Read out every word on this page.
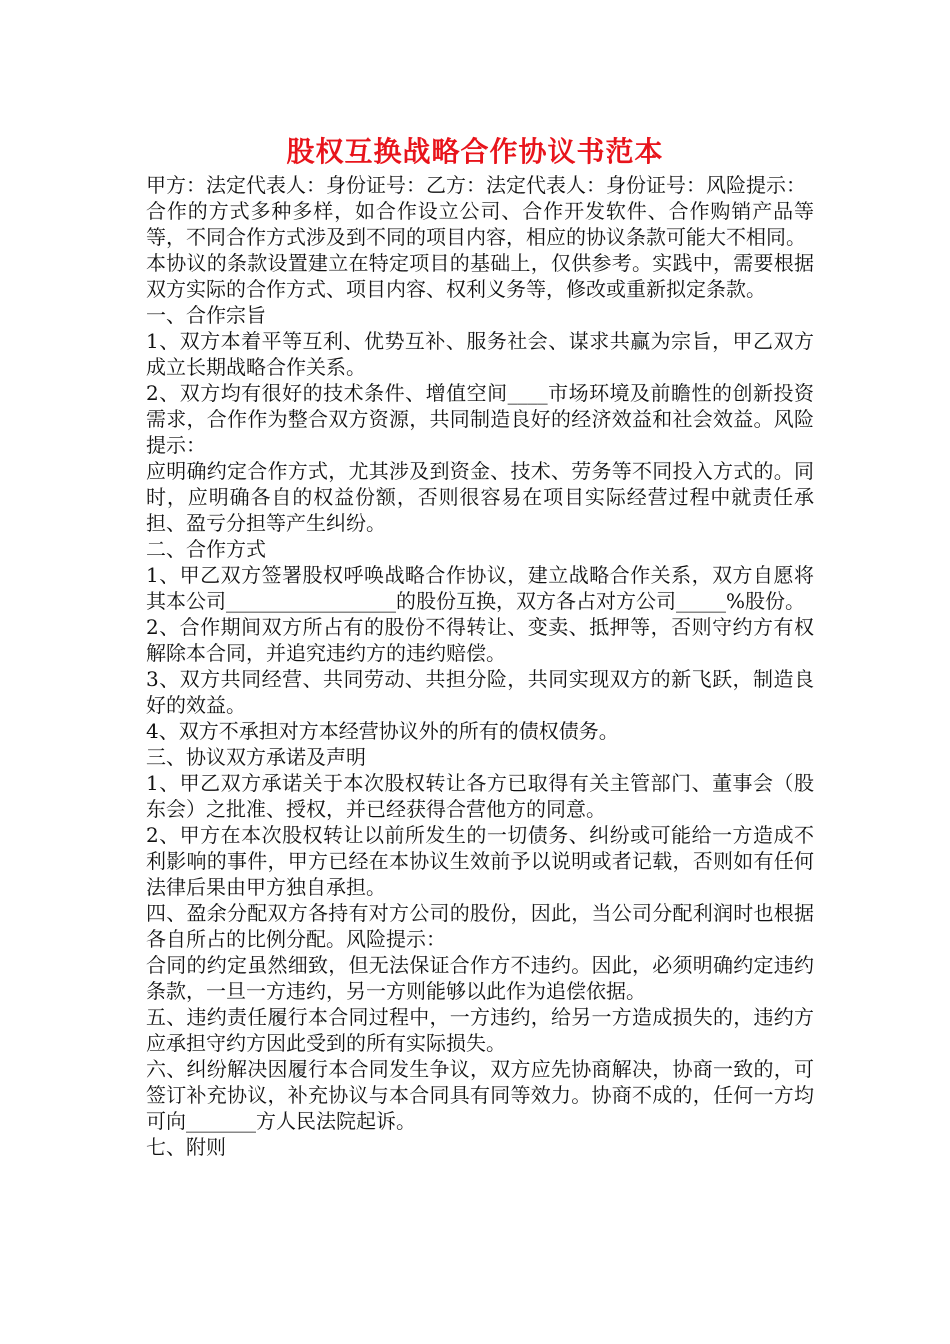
股权互换战略合作协议书范本

甲方：法定代表人：身份证号：乙方：法定代表人：身份证号：风险提示：

合作的方式多种多样，如合作设立公司、合作开发软件、合作购销产品等等，不同合作方式涉及到不同的项目内容，相应的协议条款可能大不相同。

本协议的条款设置建立在特定项目的基础上，仅供参考。实践中，需要根据双方实际的合作方式、项目内容、权利义务等，修改或重新拟定条款。

一、合作宗旨

1、双方本着平等互利、优势互补、服务社会、谋求共赢为宗旨，甲乙双方成立长期战略合作关系。

2、双方均有很好的技术条件、增值空间____市场环境及前瞻性的创新投资需求，合作作为整合双方资源，共同制造良好的经济效益和社会效益。风险提示：

应明确约定合作方式，尤其涉及到资金、技术、劳务等不同投入方式的。同时，应明确各自的权益份额，否则很容易在项目实际经营过程中就责任承担、盈亏分担等产生纠纷。

二、合作方式

1、甲乙双方签署股权呼唤战略合作协议，建立战略合作关系，双方自愿将其本公司_________________的股份互换，双方各占对方公司_____%股份。

2、合作期间双方所占有的股份不得转让、变卖、抵押等，否则守约方有权解除本合同，并追究违约方的违约赔偿。

3、双方共同经营、共同劳动、共担分险，共同实现双方的新飞跃，制造良好的效益。

4、双方不承担对方本经营协议外的所有的债权债务。

三、协议双方承诺及声明

1、甲乙双方承诺关于本次股权转让各方已取得有关主管部门、董事会（股东会）之批准、授权，并已经获得合营他方的同意。

2、甲方在本次股权转让以前所发生的一切债务、纠纷或可能给一方造成不利影响的事件，甲方已经在本协议生效前予以说明或者记载，否则如有任何法律后果由甲方独自承担。

四、盈余分配双方各持有对方公司的股份，因此，当公司分配利润时也根据各自所占的比例分配。风险提示：

合同的约定虽然细致，但无法保证合作方不违约。因此，必须明确约定违约条款，一旦一方违约，另一方则能够以此作为追偿依据。

五、违约责任履行本合同过程中，一方违约，给另一方造成损失的，违约方应承担守约方因此受到的所有实际损失。

六、纠纷解决因履行本合同发生争议，双方应先协商解决，协商一致的，可签订补充协议，补充协议与本合同具有同等效力。协商不成的，任何一方均可向_______方人民法院起诉。

七、附则
